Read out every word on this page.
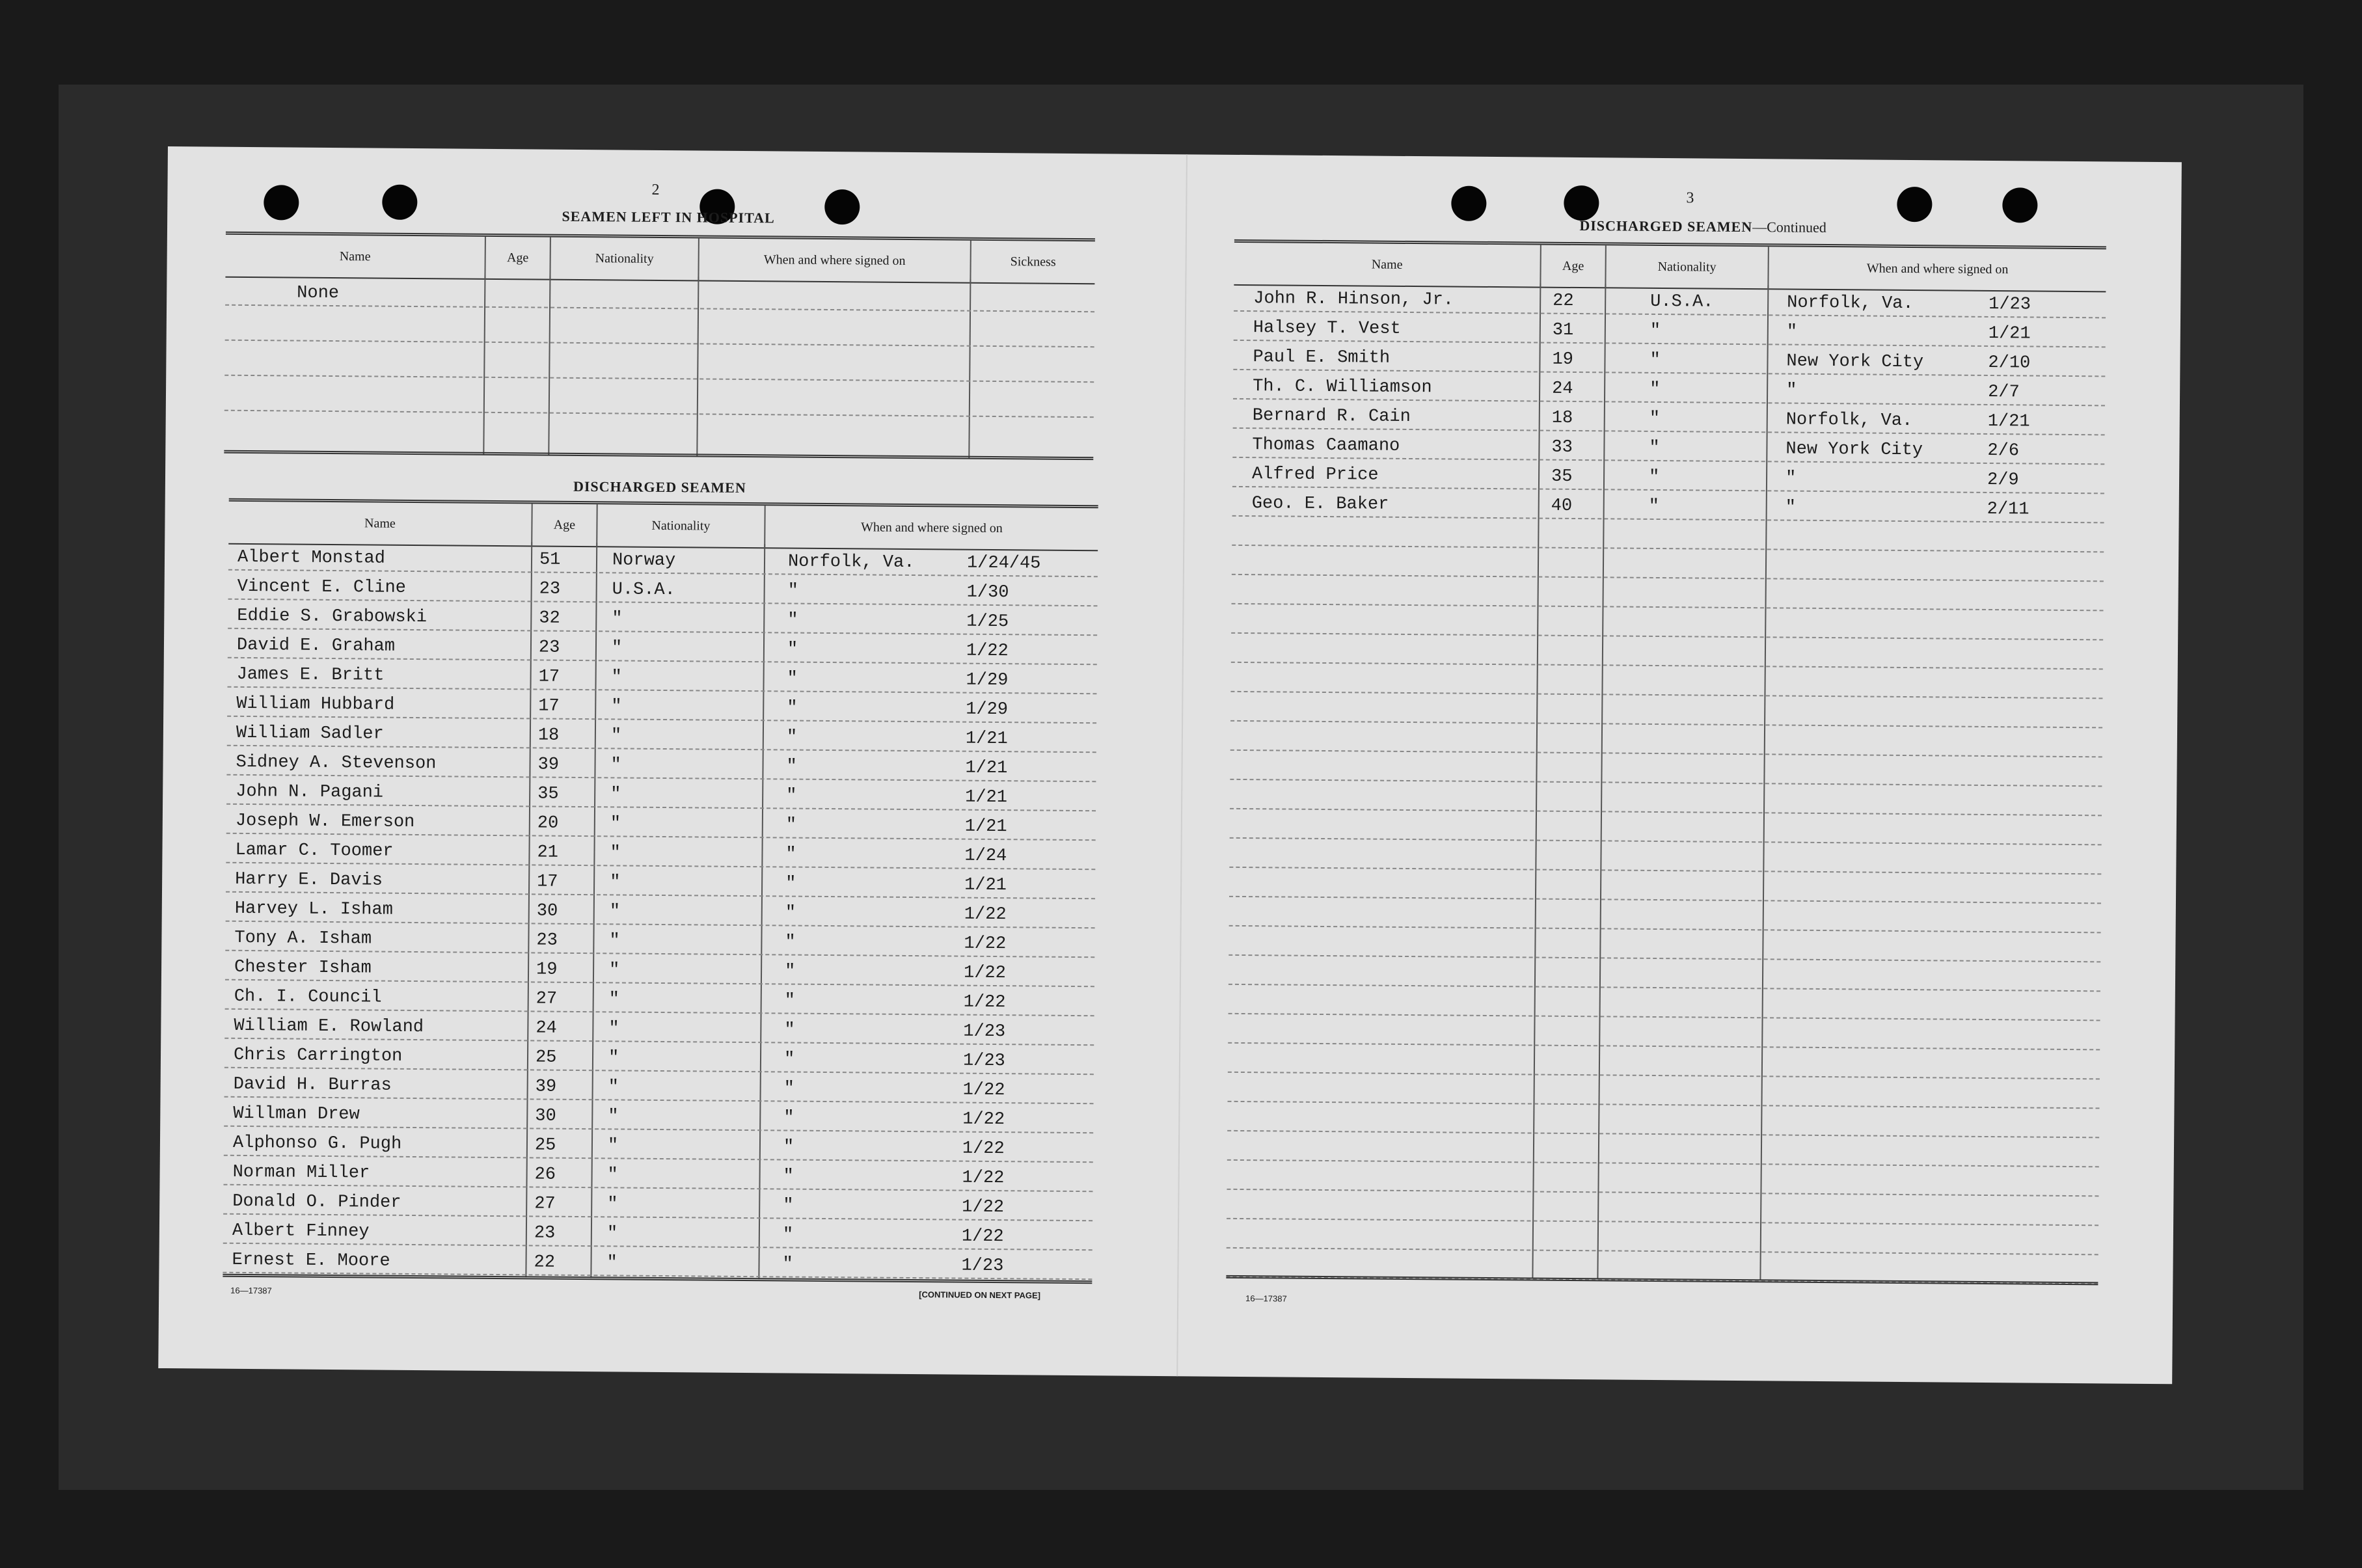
2
SEAMEN LEFT IN HOSPITAL
Name	Age	Nationality	When and where signed on	Sickness
None
DISCHARGED SEAMEN
Name	Age	Nationality	When and where signed on
Albert Monstad	51	Norway	Norfolk, Va.	1/24/45
Vincent E. Cline	23	U.S.A.	"	1/30
Eddie S. Grabowski	32	"	"	1/25
David E. Graham	23	"	"	1/22
James E. Britt	17	"	"	1/29
William Hubbard	17	"	"	1/29
William Sadler	18	"	"	1/21
Sidney A. Stevenson	39	"	"	1/21
John N. Pagani	35	"	"	1/21
Joseph W. Emerson	20	"	"	1/21
Lamar C. Toomer	21	"	"	1/24
Harry E. Davis	17	"	"	1/21
Harvey L. Isham	30	"	"	1/22
Tony A. Isham	23	"	"	1/22
Chester Isham	19	"	"	1/22
Ch. I. Council	27	"	"	1/22
William E. Rowland	24	"	"	1/23
Chris Carrington	25	"	"	1/23
David H. Burras	39	"	"	1/22
Willman Drew	30	"	"	1/22
Alphonso G. Pugh	25	"	"	1/22
Norman Miller	26	"	"	1/22
Donald O. Pinder	27	"	"	1/22
Albert Finney	23	"	"	1/22
Ernest E. Moore	22	"	"	1/23
16—17387	[CONTINUED ON NEXT PAGE]
3
DISCHARGED SEAMEN—Continued
Name	Age	Nationality	When and where signed on
John R. Hinson, Jr.	22	U.S.A.	Norfolk, Va.	1/23
Halsey T. Vest	31	"	"	1/21
Paul E. Smith	19	"	New York City	2/10
Th. C. Williamson	24	"	"	2/7
Bernard R. Cain	18	"	Norfolk, Va.	1/21
Thomas Caamano	33	"	New York City	2/6
Alfred Price	35	"	"	2/9
Geo. E. Baker	40	"	"	2/11
16—17387
